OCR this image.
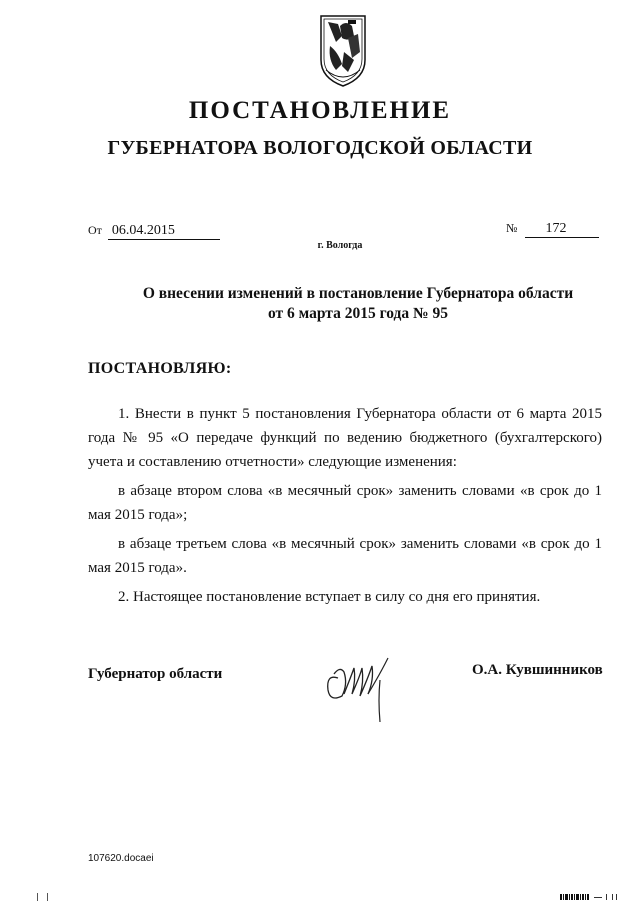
ПОСТАНОВЛЕНИЕ
ГУБЕРНАТОРА ВОЛОГОДСКОЙ ОБЛАСТИ
От 06.04.2015	№ 172
г. Вологда
О внесении изменений в постановление Губернатора области
от 6 марта 2015 года № 95
ПОСТАНОВЛЯЮ:

1. Внести в пункт 5 постановления Губернатора области от 6 марта 2015 года № 95 «О передаче функций по ведению бюджетного (бухгалтерского) учета и составлению отчетности» следующие изменения:

в абзаце втором слова «в месячный срок» заменить словами «в срок до 1 мая 2015 года»;

в абзаце третьем слова «в месячный срок» заменить словами «в срок до 1 мая 2015 года».

2. Настоящее постановление вступает в силу со дня его принятия.

Губернатор области	О.А. Кувшинников
107620.docaei
